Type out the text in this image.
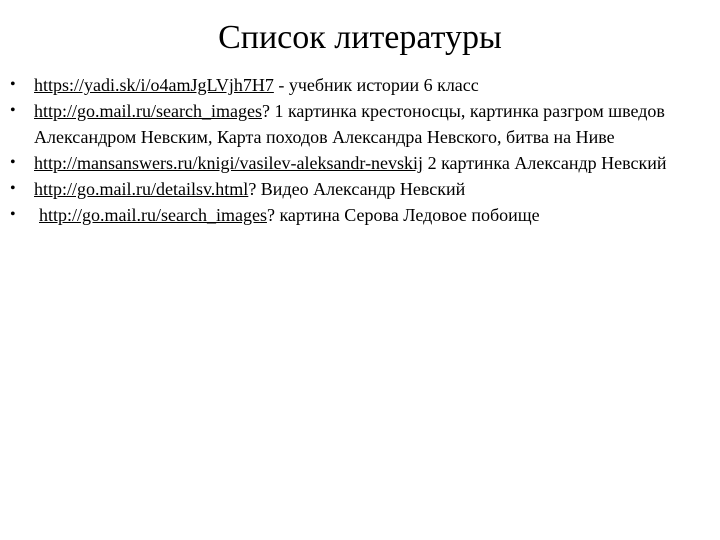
Список литературы
•	https://yadi.sk/i/o4amJgLVjh7H7 - учебник истории 6 класс
•	http://go.mail.ru/search_images? 1 картинка крестоносцы, картинка разгром шведов Александром Невским, Карта походов Александра Невского, битва на Ниве
•	http://mansanswers.ru/knigi/vasilev-aleksandr-nevskij 2 картинка Александр Невский
•	http://go.mail.ru/detailsv.html? Видео Александр Невский
•	http://go.mail.ru/search_images? картина Серова Ледовое побоище
